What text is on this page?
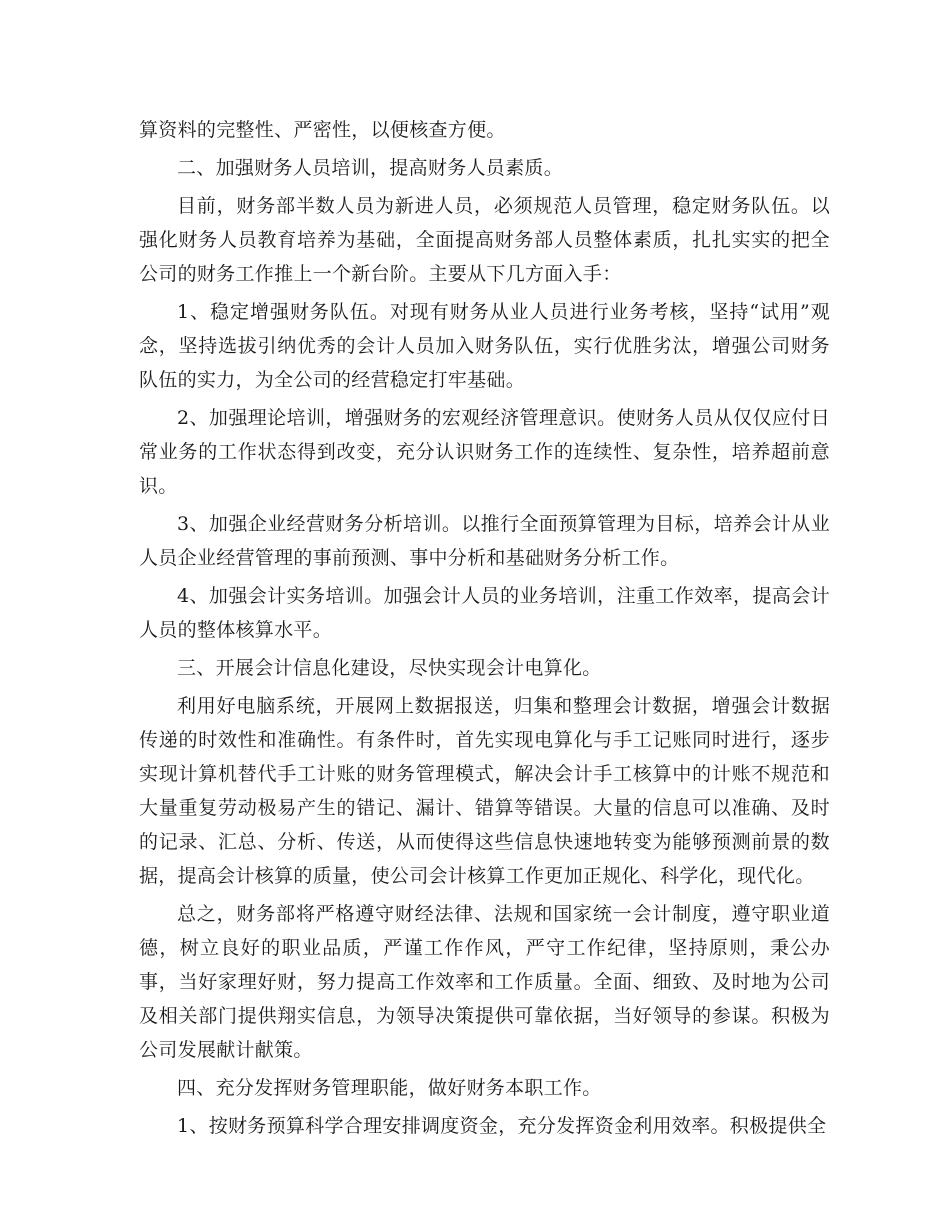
算资料的完整性、严密性，以便核查方便。

二、加强财务人员培训，提高财务人员素质。

目前，财务部半数人员为新进人员，必须规范人员管理，稳定财务队伍。以强化财务人员教育培养为基础，全面提高财务部人员整体素质，扎扎实实的把全公司的财务工作推上一个新台阶。主要从下几方面入手：

1、稳定增强财务队伍。对现有财务从业人员进行业务考核，坚持“试用”观念，坚持选拔引纳优秀的会计人员加入财务队伍，实行优胜劣汰，增强公司财务队伍的实力，为全公司的经营稳定打牢基础。

2、加强理论培训，增强财务的宏观经济管理意识。使财务人员从仅仅应付日常业务的工作状态得到改变，充分认识财务工作的连续性、复杂性，培养超前意识。

3、加强企业经营财务分析培训。以推行全面预算管理为目标，培养会计从业人员企业经营管理的事前预测、事中分析和基础财务分析工作。

4、加强会计实务培训。加强会计人员的业务培训，注重工作效率，提高会计人员的整体核算水平。

三、开展会计信息化建设，尽快实现会计电算化。

利用好电脑系统，开展网上数据报送，归集和整理会计数据，增强会计数据传递的时效性和准确性。有条件时，首先实现电算化与手工记账同时进行，逐步实现计算机替代手工计账的财务管理模式，解决会计手工核算中的计账不规范和大量重复劳动极易产生的错记、漏计、错算等错误。大量的信息可以准确、及时的记录、汇总、分析、传送，从而使得这些信息快速地转变为能够预测前景的数据，提高会计核算的质量，使公司会计核算工作更加正规化、科学化，现代化。

总之，财务部将严格遵守财经法律、法规和国家统一会计制度，遵守职业道德，树立良好的职业品质，严谨工作作风，严守工作纪律，坚持原则，秉公办事，当好家理好财，努力提高工作效率和工作质量。全面、细致、及时地为公司及相关部门提供翔实信息，为领导决策提供可靠依据，当好领导的参谋。积极为公司发展献计献策。

四、充分发挥财务管理职能，做好财务本职工作。

1、按财务预算科学合理安排调度资金，充分发挥资金利用效率。积极提供全
